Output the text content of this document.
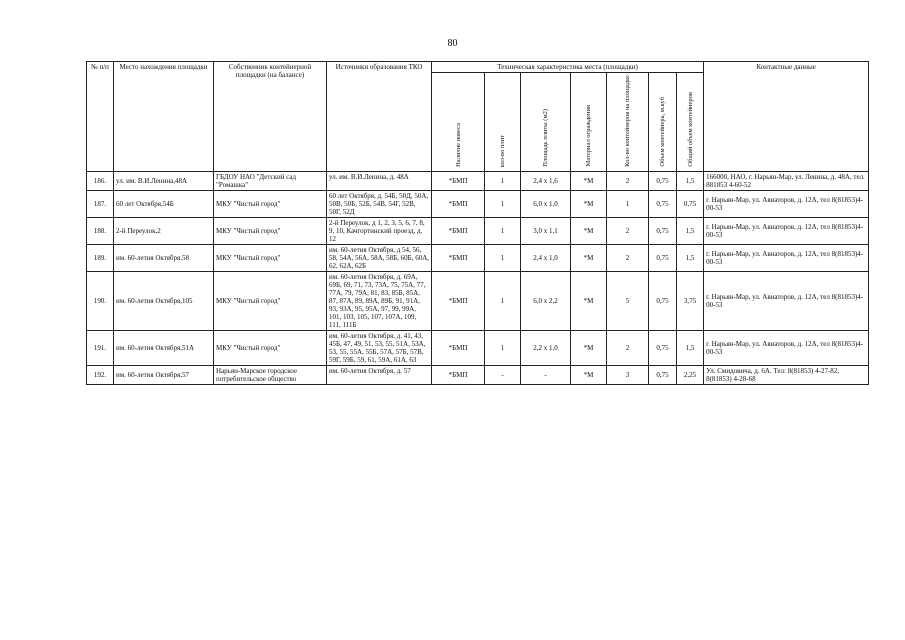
80
№ п/п	Место нахождения площадки	Собственник контейнерной площадки (на балансе)	Источники образования ТКО	Техническая характеристика места (площадки)							Контактные данные
				Наличие навеса	кол-во плит	Площадь плиты (м2)	Материал ограждения	Кол-во контейнеров на площадке	Объем контейнера, м.куб	Общий объем контейнеров	
186.	ул. им. В.И.Ленина,48А	ГБДОУ НАО "Детский сад "Ромашка"	ул. им. В.И.Ленина, д. 48А	*БМП	1	2,4 х 1,6	*М	2	0,75	1,5	166000, НАО, г. Нарьян-Мар, ул. Ленина, д. 48А, тел. 881853 4-60-52
187.	60 лет Октября,54Б	МКУ "Чистый город"	60 лет Октября, д. 54Б, 50Д, 50А, 50В, 50Б, 52Б, 54В, 54Г, 52В, 50Г, 52Д	*БМП	1	6,0 х 1,0	*М	1	0,75	0,75	г. Нарьян-Мар, ул. Авиаторов, д. 12А, тел 8(81853)4-00-53
188.	2-й Переулок,2	МКУ "Чистый город"	2-й Переулок, д 1, 2, 3, 5, 6, 7, 8, 9, 10, Качгортинский проезд, д. 12	*БМП	1	3,0 х 1,1	*М	2	0,75	1,5	г. Нарьян-Мар, ул. Авиаторов, д. 12А, тел 8(81853)4-00-53
189.	им. 60-летия Октября,58	МКУ "Чистый город"	им. 60-летия Октября, д 54, 56, 58, 54А, 56А, 58А, 58Б, 60Б, 60А, 62, 62А, 62Б	*БМП	1	2,4 х 1,0	*М	2	0,75	1,5	г. Нарьян-Мар, ул. Авиаторов, д. 12А, тел 8(81853)4-00-53
190.	им. 60-летия Октября,105	МКУ "Чистый город"	им. 60-летия Октября, д. 69А, 69Б, 69, 71, 73, 73А, 75, 75А, 77, 77А, 79, 79А, 81, 83, 85Б, 85А, 87, 87А, 89, 89А, 89Б, 91, 91А, 93, 93А, 95, 95А, 97, 99, 99А, 101, 103, 105, 107, 107А, 109, 111, 111Б	*БМП	1	6,0 х 2,2	*М	5	0,75	3,75	г. Нарьян-Мар, ул. Авиаторов, д. 12А, тел 8(81853)4-00-53
191.	им. 60-летия Октября,51А	МКУ "Чистый город"	им. 60-летия Октября, д. 41, 43, 45Б, 47, 49, 51, 53, 55, 51А, 53А, 53, 55, 55А, 55Б, 57А, 57Б, 57В, 59Г, 59Б, 59, 61, 59А, 61А, 63	*БМП	1	2,2 х 1,0	*М	2	0,75	1,5	г. Нарьян-Мар, ул. Авиаторов, д. 12А, тел 8(81853)4-00-53
192.	им. 60-летия Октября,57	Нарьян-Марское городское потребительское общество	им. 60-летия Октября, д. 57	*БМП	-	-	*М	3	0,75	2,25	Ул. Смидовича, д. 6А. Тел: 8(81853) 4-27-82, 8(81853) 4-28-68
